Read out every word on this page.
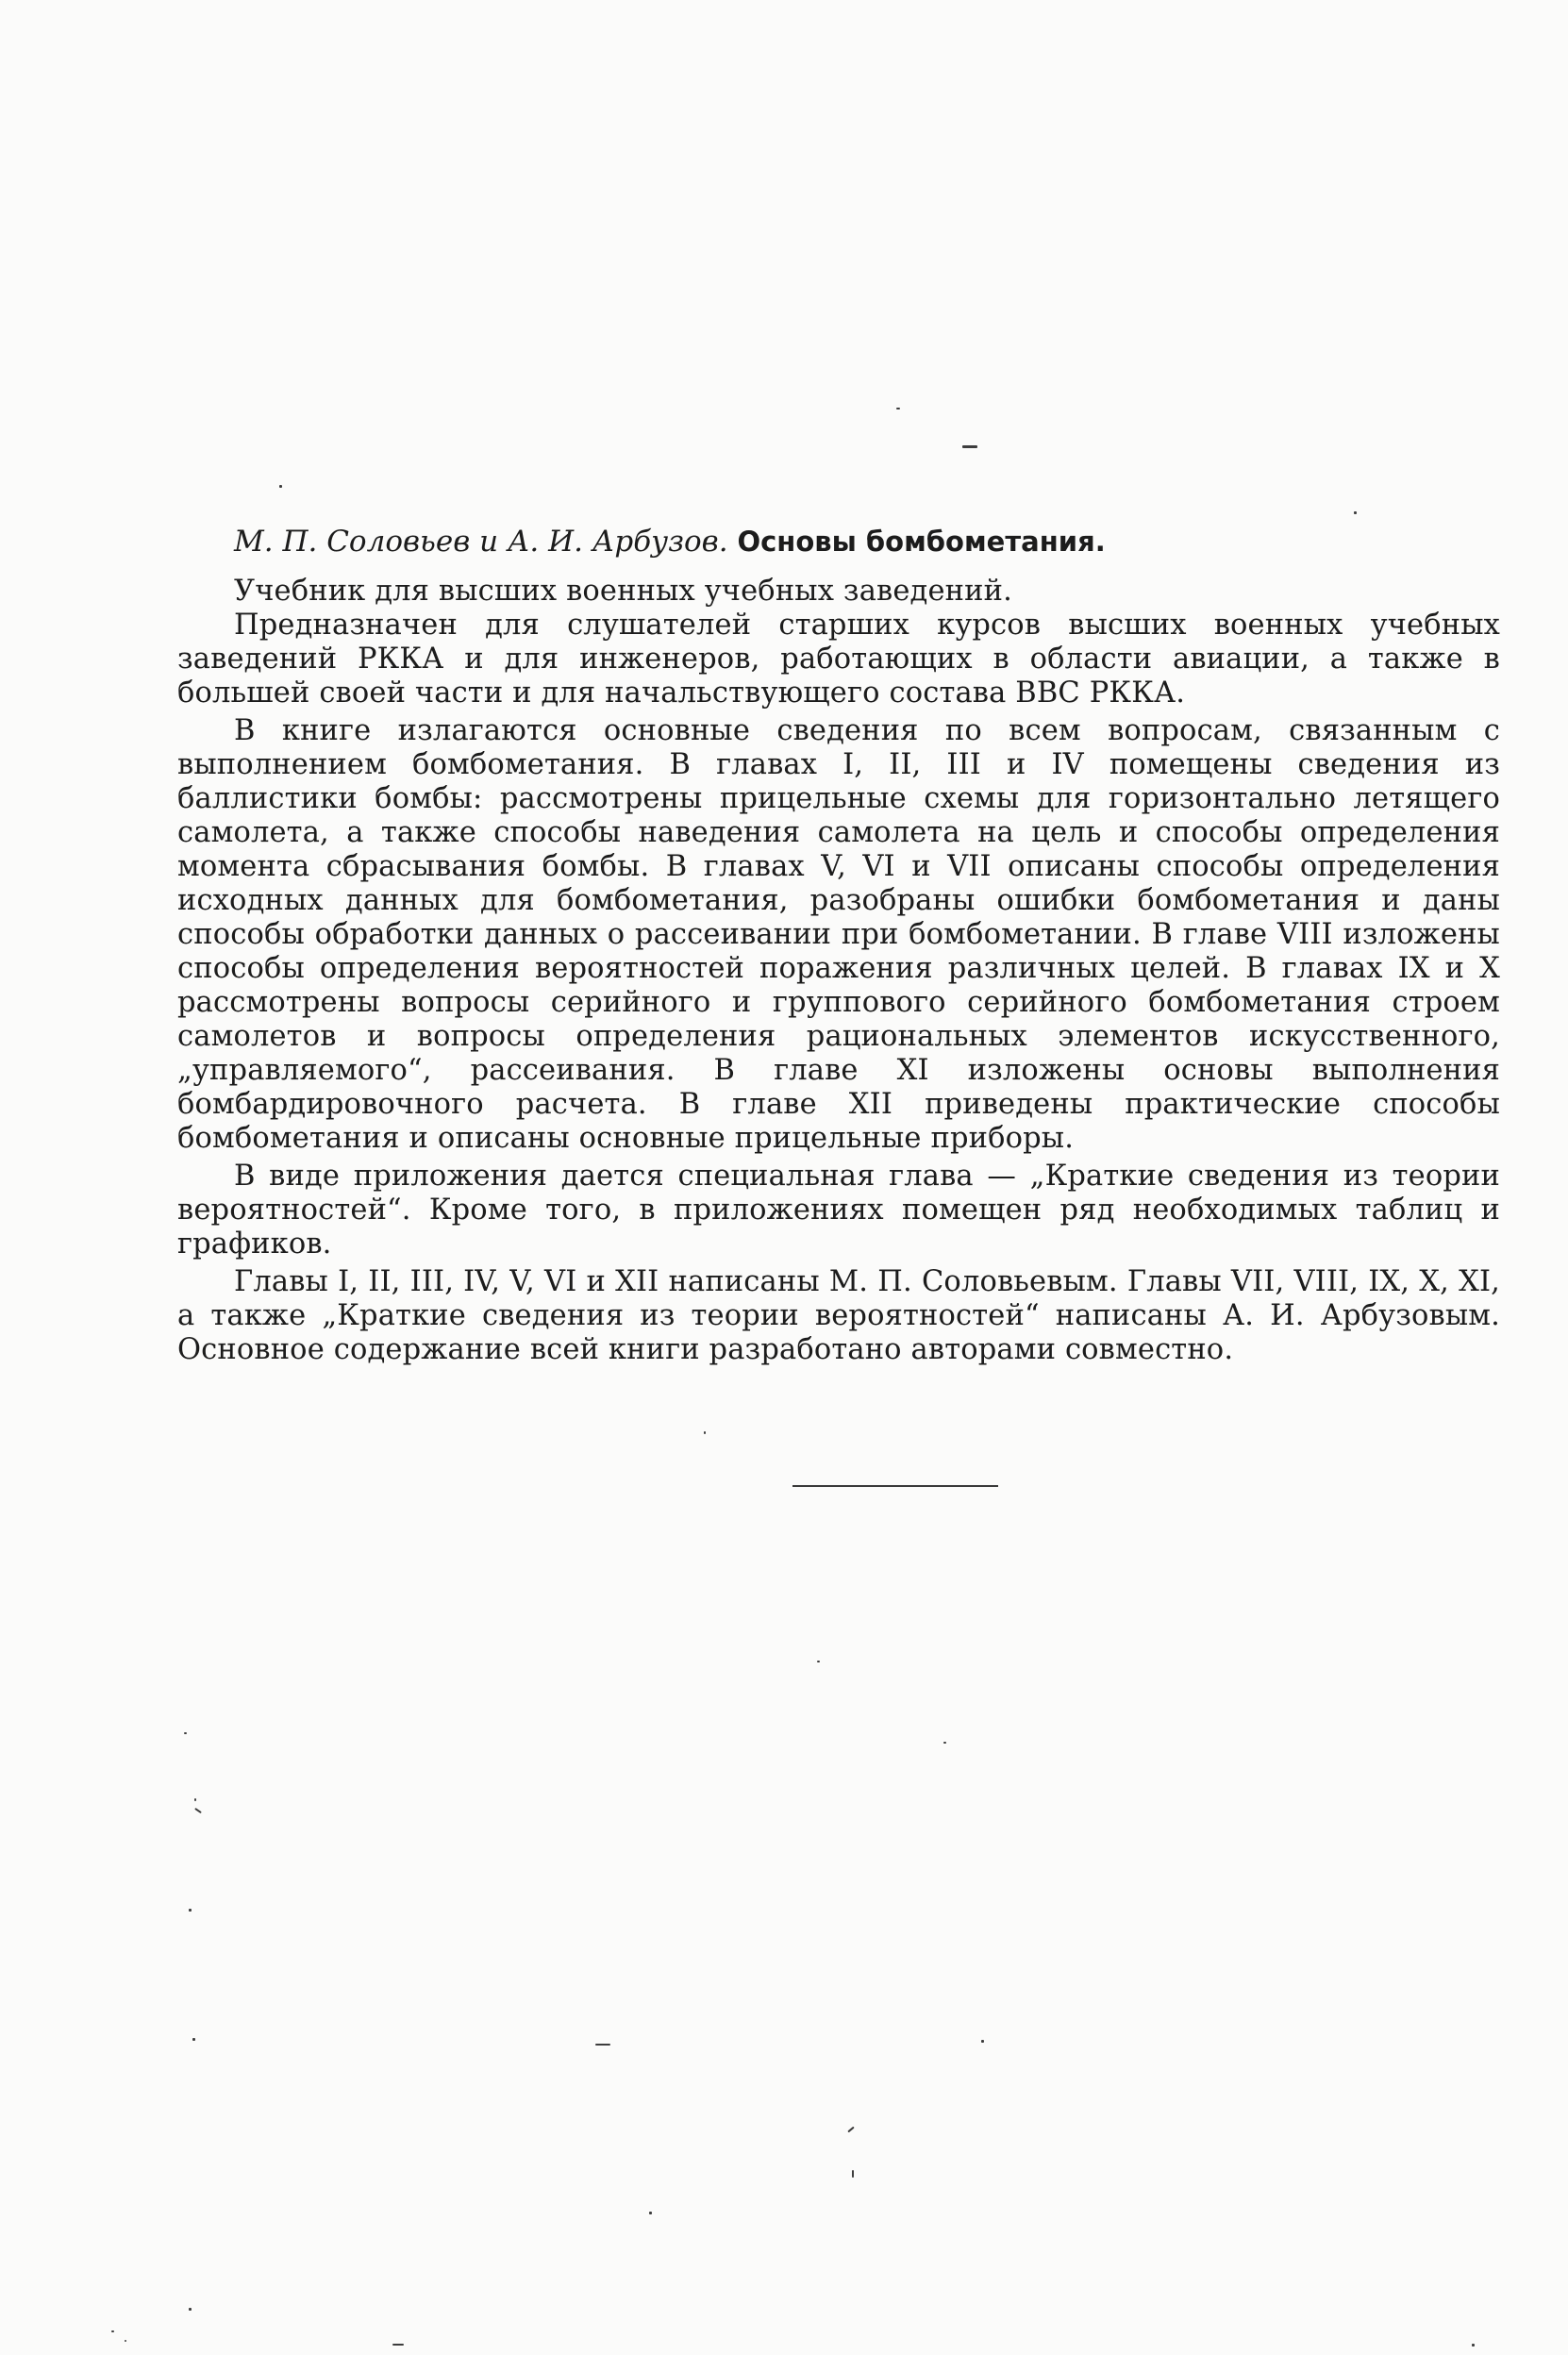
М. П. Соловьев и А. И. Арбузов. Основы бомбометания.

Учебник для высших военных учебных заведений.

Предназначен для слушателей старших курсов высших военных учебных заведений РККА и для инженеров, работающих в области авиации, а также в большей своей части и для начальствующего состава ВВС РККА.

В книге излагаются основные сведения по всем вопросам, связанным с выполнением бомбометания. В главах I, II, III и IV помещены сведения из баллистики бомбы: рассмотрены прицельные схемы для горизонтально летящего самолета, а также способы наведения самолета на цель и способы определения момента сбрасывания бомбы. В главах V, VI и VII описаны способы определения исходных данных для бомбометания, разобраны ошибки бомбометания и даны способы обработки данных о рассеивании при бомбометании. В главе VIII изложены способы определения вероятностей поражения различных целей. В главах IX и X рассмотрены вопросы серийного и группового серийного бомбометания строем самолетов и вопросы определения рациональных элементов искусственного, „управляемого“, рассеивания. В главе XI изложены основы выполнения бомбардировочного расчета. В главе XII приведены практические способы бомбометания и описаны основные прицельные приборы.

В виде приложения дается специальная глава — „Краткие сведения из теории вероятностей“. Кроме того, в приложениях помещен ряд необходимых таблиц и графиков.

Главы I, II, III, IV, V, VI и XII написаны М. П. Соловьевым. Главы VII, VIII, IX, X, XI, а также „Краткие сведения из теории вероятностей“ написаны А. И. Арбузовым. Основное содержание всей книги разработано авторами совместно.
